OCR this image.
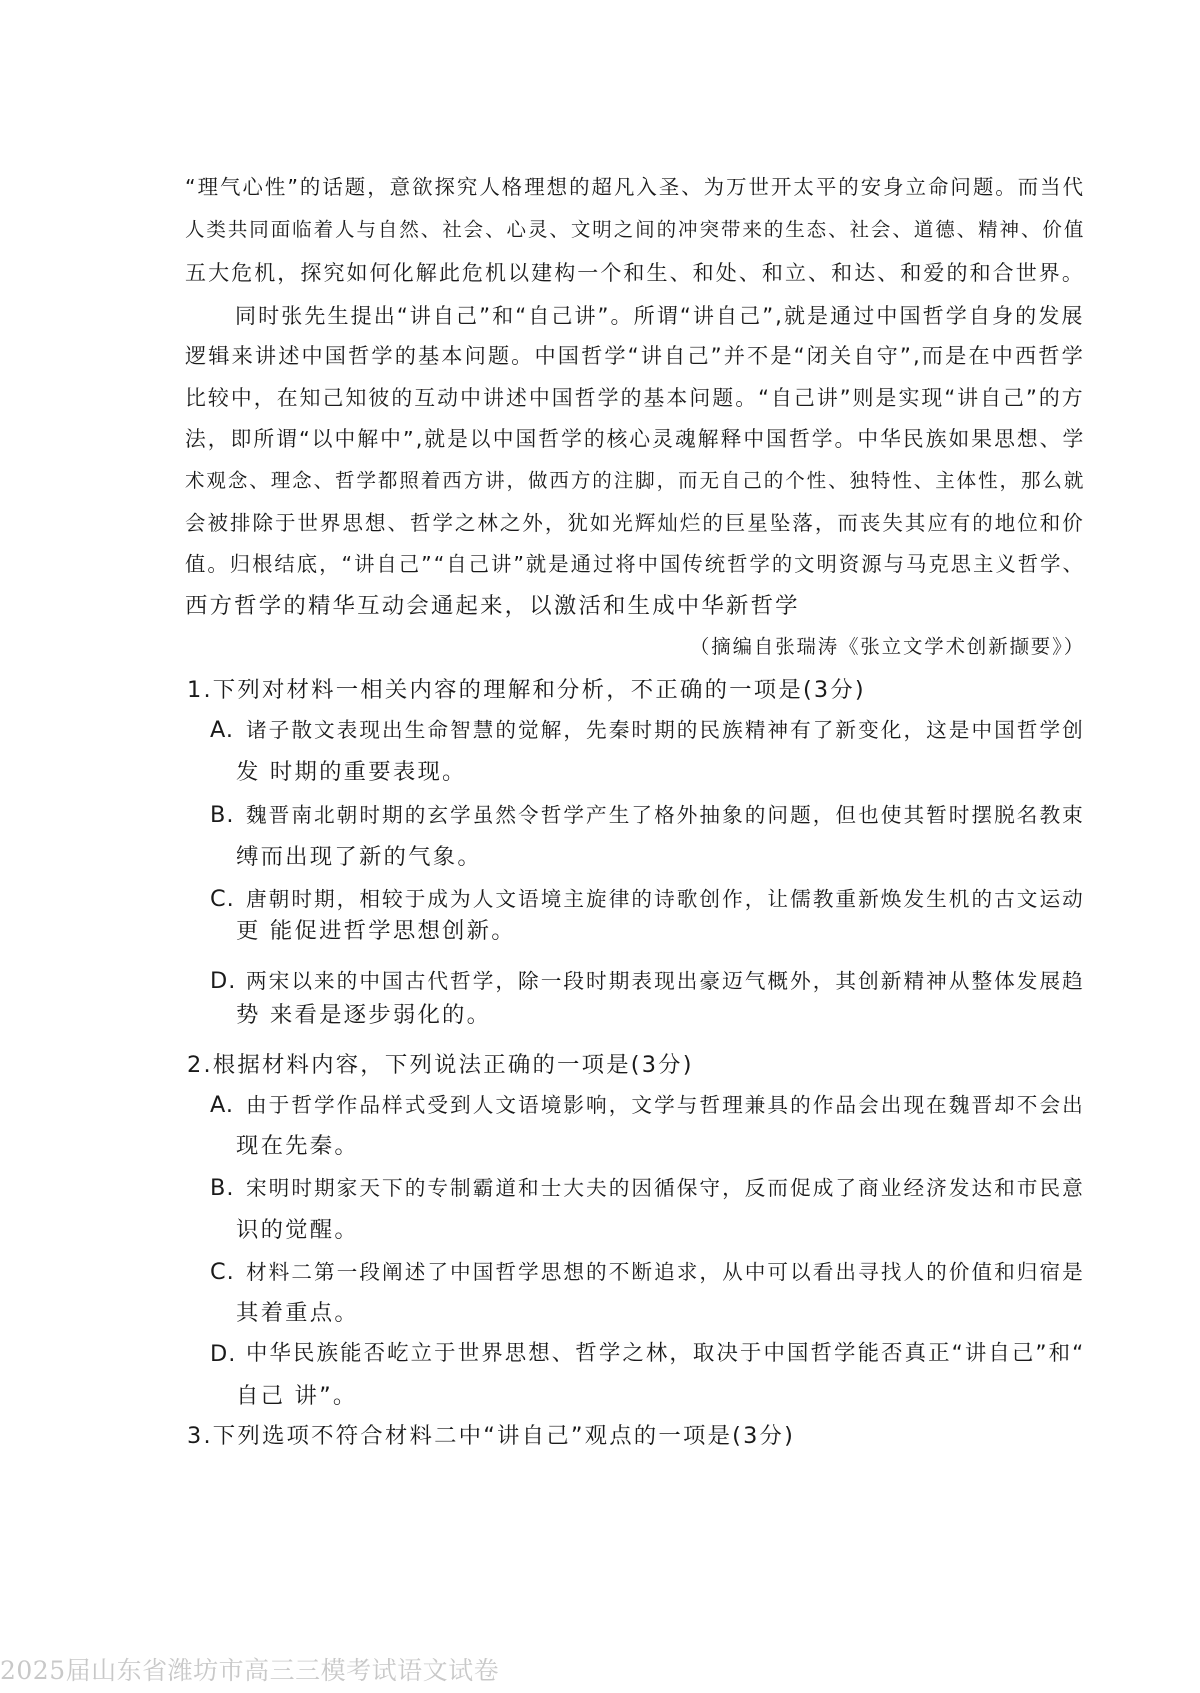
“理气心性”的话题，意欲探究人格理想的超凡入圣、为万世开太平的安身立命问题。而当代
人类共同面临着人与自然、社会、心灵、文明之间的冲突带来的生态、社会、道德、精神、价值
五大危机，探究如何化解此危机以建构一个和生、和处、和立、和达、和爱的和合世界。
同时张先生提出“讲自己”和“自己讲”。所谓“讲自己”,就是通过中国哲学自身的发展
逻辑来讲述中国哲学的基本问题。中国哲学“讲自己”并不是“闭关自守”,而是在中西哲学
比较中，在知己知彼的互动中讲述中国哲学的基本问题。“自己讲”则是实现“讲自己”的方
法，即所谓“以中解中”,就是以中国哲学的核心灵魂解释中国哲学。中华民族如果思想、学
术观念、理念、哲学都照着西方讲，做西方的注脚，而无自己的个性、独特性、主体性，那么就
会被排除于世界思想、哲学之林之外，犹如光辉灿烂的巨星坠落，而丧失其应有的地位和价
值。归根结底，“讲自己”“自己讲”就是通过将中国传统哲学的文明资源与马克思主义哲学、
西方哲学的精华互动会通起来，以激活和生成中华新哲学
（摘编自张瑞涛《张立文学术创新撷要》）
1.下列对材料一相关内容的理解和分析，不正确的一项是(3分)
A. 诸子散文表现出生命智慧的觉解，先秦时期的民族精神有了新变化，这是中国哲学创
发 时期的重要表现。
B. 魏晋南北朝时期的玄学虽然令哲学产生了格外抽象的问题，但也使其暂时摆脱名教束
缚而出现了新的气象。
C. 唐朝时期，相较于成为人文语境主旋律的诗歌创作，让儒教重新焕发生机的古文运动
更 能促进哲学思想创新。
D. 两宋以来的中国古代哲学，除一段时期表现出豪迈气概外，其创新精神从整体发展趋
势 来看是逐步弱化的。
2.根据材料内容，下列说法正确的一项是(3分)
A. 由于哲学作品样式受到人文语境影响，文学与哲理兼具的作品会出现在魏晋却不会出
现在先秦。
B. 宋明时期家天下的专制霸道和士大夫的因循保守，反而促成了商业经济发达和市民意
识的觉醒。
C. 材料二第一段阐述了中国哲学思想的不断追求，从中可以看出寻找人的价值和归宿是
其着重点。
D. 中华民族能否屹立于世界思想、哲学之林，取决于中国哲学能否真正“讲自己”和“
自己 讲”。
3.下列选项不符合材料二中“讲自己”观点的一项是(3分)
2025届山东省潍坊市高三三模考试语文试卷
